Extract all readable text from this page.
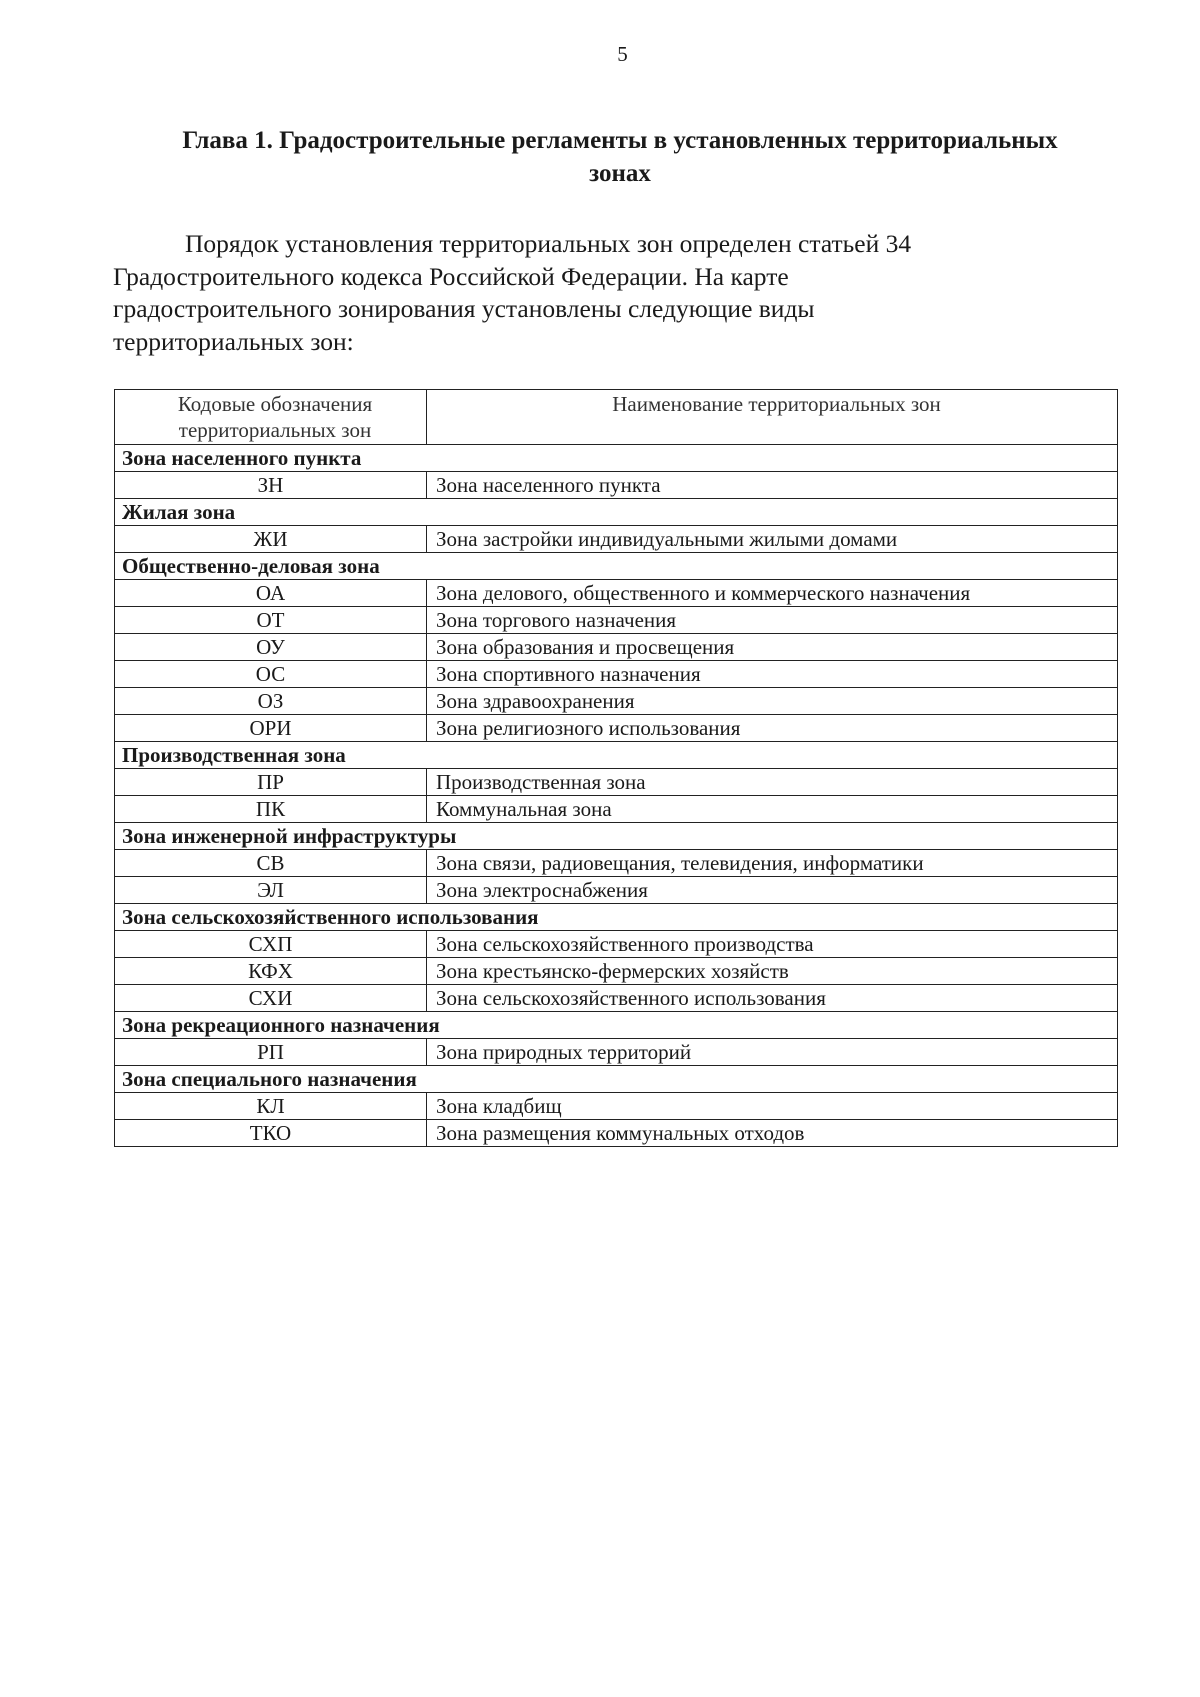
5
Глава 1. Градостроительные регламенты в установленных территориальных
зонах

Порядок установления территориальных зон определен статьей 34

Градостроительного кодекса Российской Федерации. На карте

градостроительного зонирования установлены следующие виды

территориальных зон:

Кодовые обозначения
территориальных зон	Наименование территориальных зон
Зона населенного пункта	
ЗН	Зона населенного пункта
Жилая зона	
ЖИ	Зона застройки индивидуальными жилыми домами
Общественно-деловая зона	
ОА	Зона делового, общественного и коммерческого назначения
ОТ	Зона торгового назначения
ОУ	Зона образования и просвещения
ОС	Зона спортивного назначения
ОЗ	Зона здравоохранения
ОРИ	Зона религиозного использования
Производственная зона	
ПР	Производственная зона
ПК	Коммунальная зона
Зона инженерной инфраструктуры	
СВ	Зона связи, радиовещания, телевидения, информатики
ЭЛ	Зона электроснабжения
Зона сельскохозяйственного использования	
СХП	Зона сельскохозяйственного производства
КФХ	Зона крестьянско-фермерских хозяйств
СХИ	Зона сельскохозяйственного использования
Зона рекреационного назначения	
РП	Зона природных территорий
Зона специального назначения	
КЛ	Зона кладбищ
ТКО	Зона размещения коммунальных отходов
